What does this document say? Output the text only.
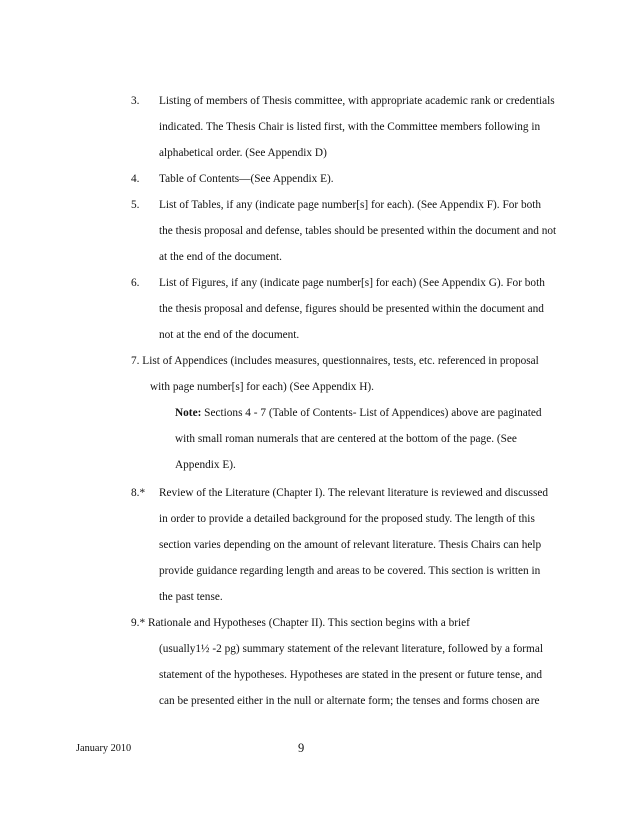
3. Listing of members of Thesis committee, with appropriate academic rank or credentials
indicated. The Thesis Chair is listed first, with the Committee members following in
alphabetical order. (See Appendix D)
4. Table of Contents—(See Appendix E).
5. List of Tables, if any (indicate page number[s] for each). (See Appendix F). For both
the thesis proposal and defense, tables should be presented within the document and not
at the end of the document.
6. List of Figures, if any (indicate page number[s] for each) (See Appendix G). For both
the thesis proposal and defense, figures should be presented within the document and
not at the end of the document.
7. List of Appendices (includes measures, questionnaires, tests, etc. referenced in proposal
with page number[s] for each) (See Appendix H).
Note: Sections 4 - 7 (Table of Contents- List of Appendices) above are paginated
with small roman numerals that are centered at the bottom of the page. (See
Appendix E).
8.* Review of the Literature (Chapter I). The relevant literature is reviewed and discussed
in order to provide a detailed background for the proposed study. The length of this
section varies depending on the amount of relevant literature. Thesis Chairs can help
provide guidance regarding length and areas to be covered. This section is written in
the past tense.
9.* Rationale and Hypotheses (Chapter II). This section begins with a brief
(usually1½ -2 pg) summary statement of the relevant literature, followed by a formal
statement of the hypotheses. Hypotheses are stated in the present or future tense, and
can be presented either in the null or alternate form; the tenses and forms chosen are
January 2010	9
